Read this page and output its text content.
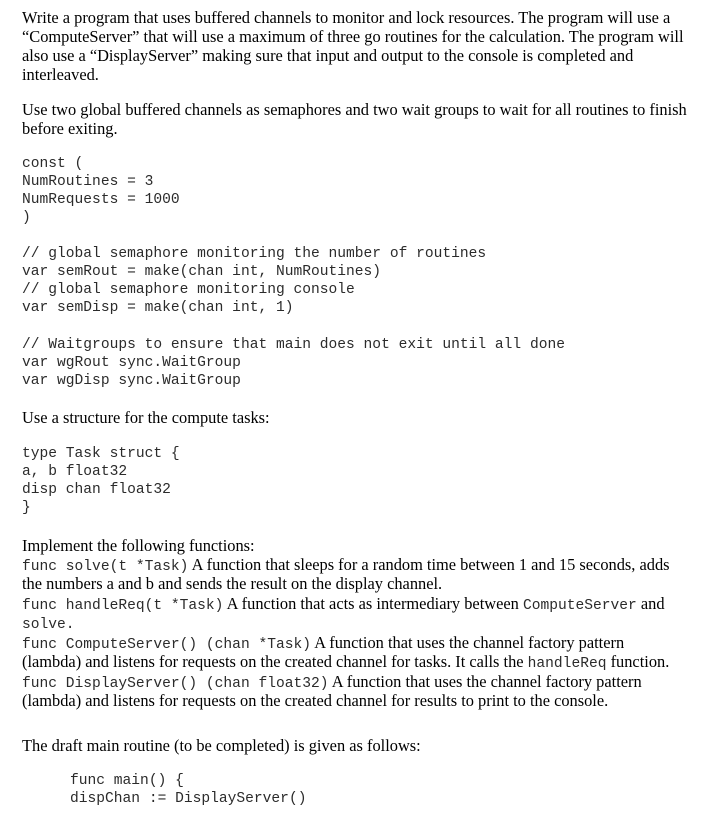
Write a program that uses buffered channels to monitor and lock resources. The program will use a
“ComputeServer” that will use a maximum of three go routines for the calculation. The program will
also use a “DisplayServer” making sure that input and output to the console is completed and
interleaved.
Use two global buffered channels as semaphores and two wait groups to wait for all routines to finish
before exiting.
const (
NumRoutines = 3
NumRequests = 1000
)
// global semaphore monitoring the number of routines
var semRout = make(chan int, NumRoutines)
// global semaphore monitoring console
var semDisp = make(chan int, 1)
// Waitgroups to ensure that main does not exit until all done
var wgRout sync.WaitGroup
var wgDisp sync.WaitGroup
Use a structure for the compute tasks:
type Task struct {
a, b float32
disp chan float32
}
Implement the following functions:
func solve(t *Task) A function that sleeps for a random time between 1 and 15 seconds, adds
the numbers a and b and sends the result on the display channel.
func handleReq(t *Task) A function that acts as intermediary between ComputeServer and
solve.
func ComputeServer() (chan *Task) A function that uses the channel factory pattern
(lambda) and listens for requests on the created channel for tasks. It calls the handleReq function.
func DisplayServer() (chan float32) A function that uses the channel factory pattern
(lambda) and listens for requests on the created channel for results to print to the console.
The draft main routine (to be completed) is given as follows:
func main() {
dispChan := DisplayServer()
